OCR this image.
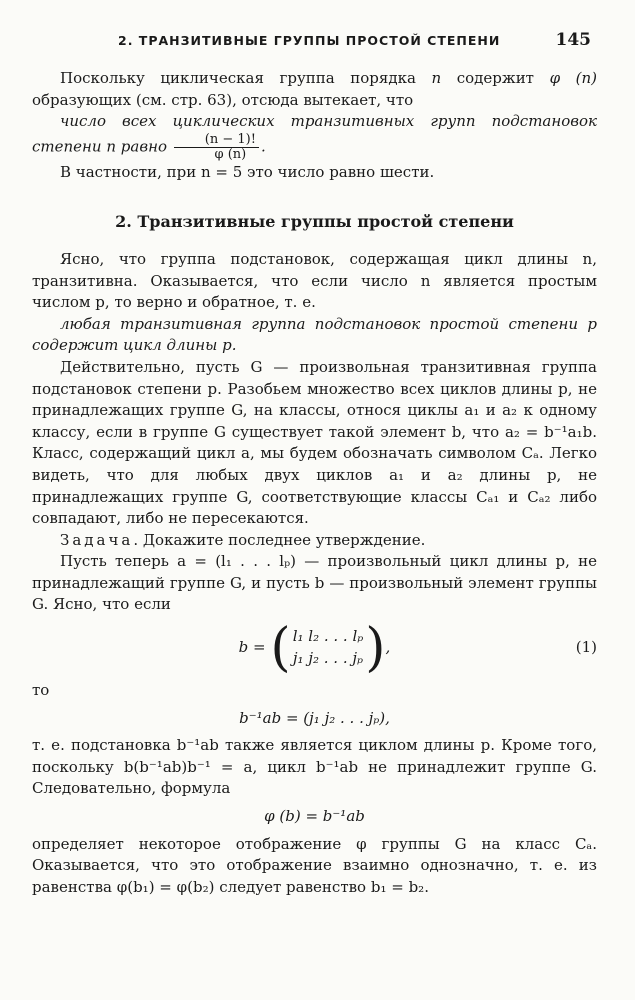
2. ТРАНЗИТИВНЫЕ ГРУППЫ ПРОСТОЙ СТЕПЕНИ	145

Поскольку циклическая группа порядка n содержит φ (n) образующих (см. стр. 63), отсюда вытекает, что

число всех циклических транзитивных групп подстановок степени n равно $\frac{(n - 1)!}{\varphi (n)}$ .

В частности, при n = 5 это число равно шести.

2. Транзитивные группы простой степени

Ясно, что группа подстановок, содержащая цикл длины n, транзитивна. Оказывается, что если число n является простым числом p, то верно и обратное, т. е.

любая транзитивная группа подстановок простой степени p содержит цикл длины p.

Действительно, пусть G — произвольная транзитивная группа подстановок степени p. Разобьем множество всех циклов длины p, не принадлежащих группе G, на классы, относя циклы a₁ и a₂ к одному классу, если в группе G существует такой элемент b, что a₂ = b⁻¹a₁b. Класс, содержащий цикл a, мы будем обозначать символом Cₐ. Легко видеть, что для любых двух циклов a₁ и a₂ длины p, не принадлежащих группе G, соответствующие классы Cₐ₁ и Cₐ₂ либо совпадают, либо не пересекаются.

Задача. Докажите последнее утверждение.

Пусть теперь a = (l₁ . . . lₚ) — произвольный цикл длины p, не принадлежащий группе G, и пусть b — произвольный элемент группы G. Ясно, что если

b = ( l₁ l₂ . . . lₚ
j₁ j₂ . . . jₚ ) ,	(1)

то

b⁻¹ab = (j₁ j₂ . . . jₚ),

т. е. подстановка b⁻¹ab также является циклом длины p. Кроме того, поскольку b(b⁻¹ab)b⁻¹ = a, цикл b⁻¹ab не принадлежит группе G. Следовательно, формула

φ (b) = b⁻¹ab

определяет некоторое отображение φ группы G на класс Cₐ. Оказывается, что это отображение взаимно однозначно, т. е. из равенства φ(b₁) = φ(b₂) следует равенство b₁ = b₂.
